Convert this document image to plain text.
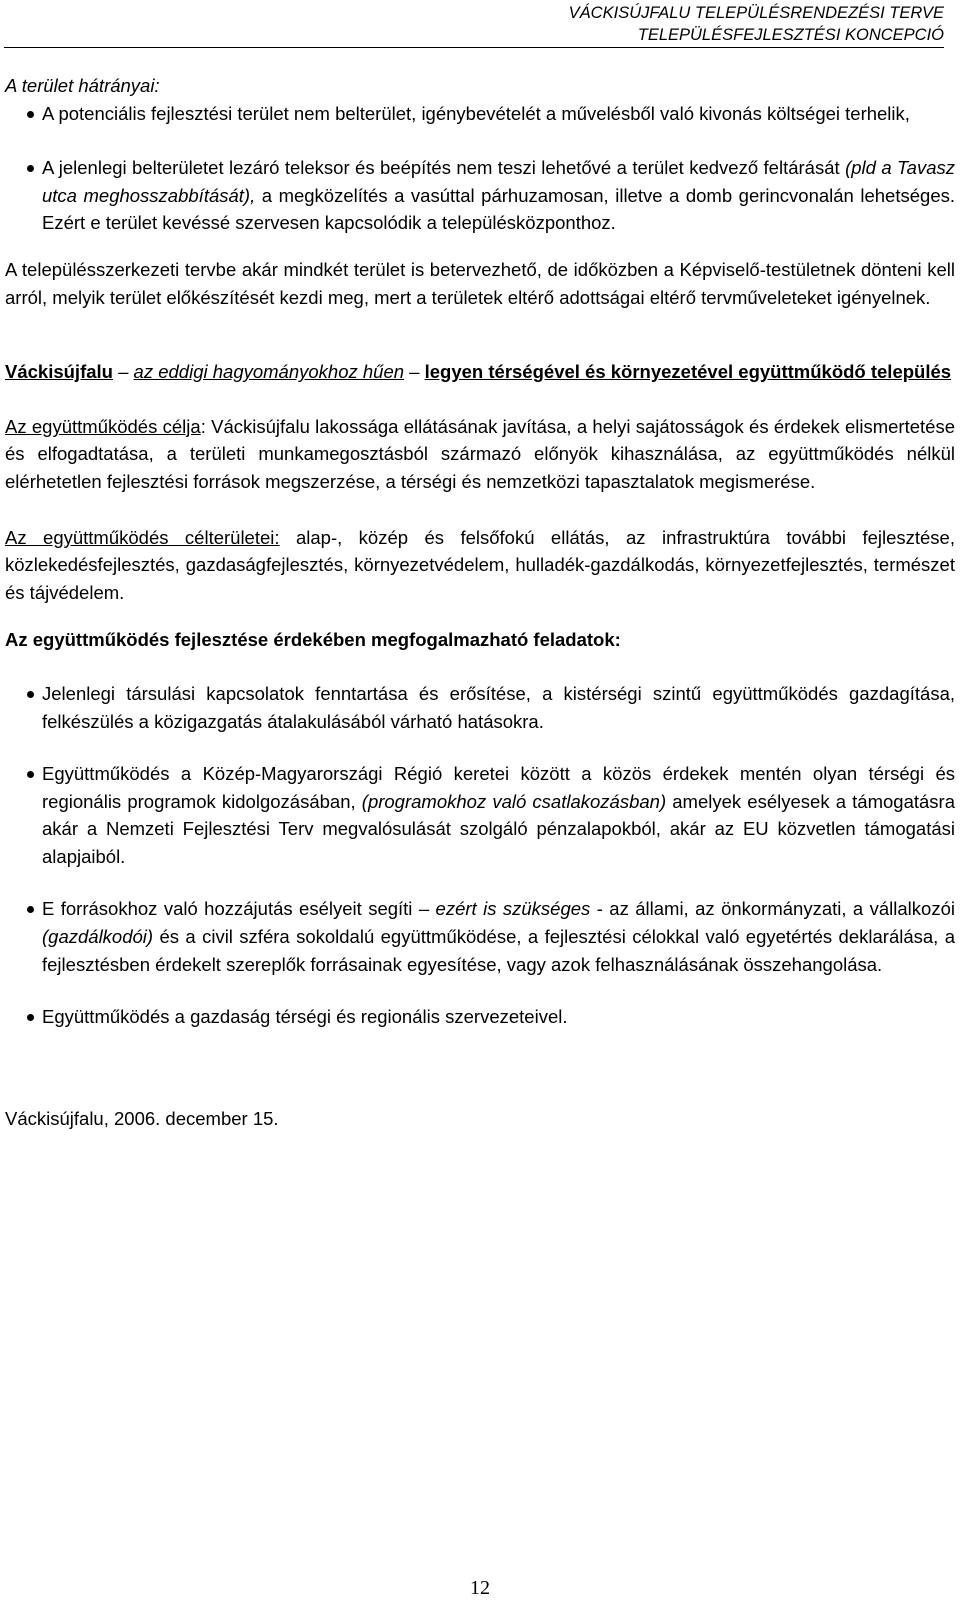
VÁCKISÚJFALU TELEPÜLÉSRENDEZÉSI TERVE
TELEPÜLÉSFEJLESZTÉSI KONCEPCIÓ

A terület hátrányai:

A potenciális fejlesztési terület nem belterület, igénybevételét a művelésből való kivonás költségei terhelik,
A jelenlegi belterületet lezáró teleksor és beépítés nem teszi lehetővé a terület kedvező feltárását (pld a Tavasz utca meghosszabbítását), a megközelítés a vasúttal párhuzamosan, illetve a domb gerincvonalán lehetséges. Ezért e terület kevéssé szervesen kapcsolódik a településközponthoz.

A településszerkezeti tervbe akár mindkét terület is betervezhető, de időközben a Képviselő-testületnek dönteni kell arról, melyik terület előkészítését kezdi meg, mert a területek eltérő adottságai eltérő tervműveleteket igényelnek.

Váckisújfalu – az eddigi hagyományokhoz hűen – legyen térségével és környezetével együttműködő település

Az együttműködés célja: Váckisújfalu lakossága ellátásának javítása, a helyi sajátosságok és érdekek elismertetése és elfogadtatása, a területi munkamegosztásból származó előnyök kihasználása, az együttműködés nélkül elérhetetlen fejlesztési források megszerzése, a térségi és nemzetközi tapasztalatok megismerése.

Az együttműködés célterületei: alap-, közép és felsőfokú ellátás, az infrastruktúra további fejlesztése, közlekedésfejlesztés, gazdaságfejlesztés, környezetvédelem, hulladék-gazdálkodás, környezetfejlesztés, természet és tájvédelem.

Az együttműködés fejlesztése érdekében megfogalmazható feladatok:

Jelenlegi társulási kapcsolatok fenntartása és erősítése, a kistérségi szintű együttműködés gazdagítása, felkészülés a közigazgatás átalakulásából várható hatásokra.
Együttműködés a Közép-Magyarországi Régió keretei között a közös érdekek mentén olyan térségi és regionális programok kidolgozásában, (programokhoz való csatlakozásban) amelyek esélyesek a támogatásra akár a Nemzeti Fejlesztési Terv megvalósulását szolgáló pénzalapokból, akár az EU közvetlen támogatási alapjaiból.
E forrásokhoz való hozzájutás esélyeit segíti – ezért is szükséges - az állami, az önkormányzati, a vállalkozói (gazdálkodói) és a civil szféra sokoldalú együttműködése, a fejlesztési célokkal való egyetértés deklarálása, a fejlesztésben érdekelt szereplők forrásainak egyesítése, vagy azok felhasználásának összehangolása.
Együttműködés a gazdaság térségi és regionális szervezeteivel.

Váckisújfalu, 2006. december 15.

12
